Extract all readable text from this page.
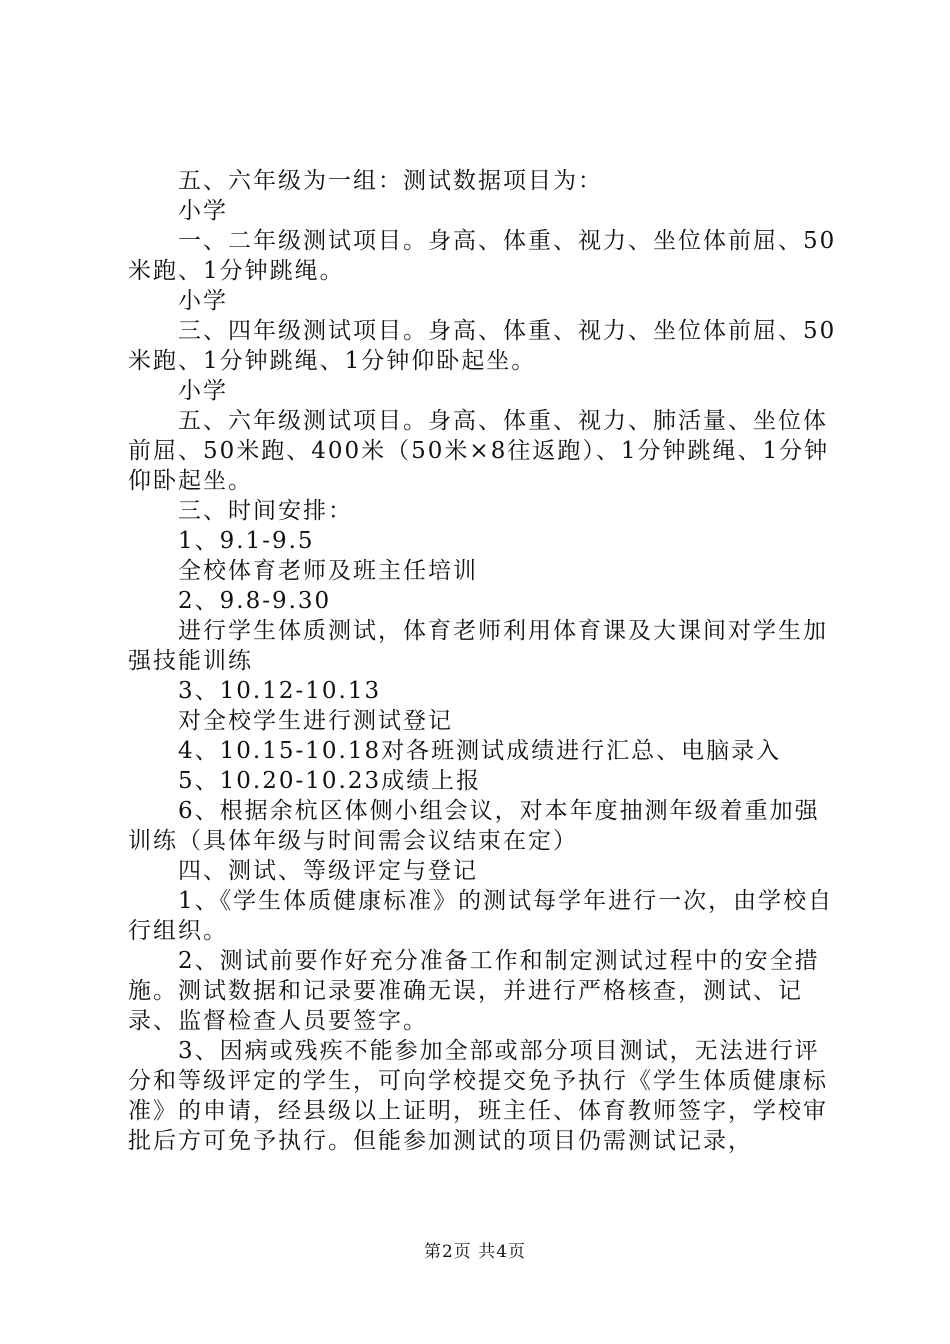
五、六年级为一组：测试数据项目为：

小学

一、二年级测试项目。身高、体重、视力、坐位体前屈、50米跑、1分钟跳绳。

小学

三、四年级测试项目。身高、体重、视力、坐位体前屈、50米跑、1分钟跳绳、1分钟仰卧起坐。

小学

五、六年级测试项目。身高、体重、视力、肺活量、坐位体前屈、50米跑、400米（50米×8往返跑）、1分钟跳绳、1分钟仰卧起坐。

三、时间安排：

1、9.1-9.5

全校体育老师及班主任培训

2、9.8-9.30

进行学生体质测试，体育老师利用体育课及大课间对学生加强技能训练

3、10.12-10.13

对全校学生进行测试登记

4、10.15-10.18对各班测试成绩进行汇总、电脑录入

5、10.20-10.23成绩上报

6、根据余杭区体侧小组会议，对本年度抽测年级着重加强训练（具体年级与时间需会议结束在定）

四、测试、等级评定与登记

1、《学生体质健康标准》的测试每学年进行一次，由学校自行组织。

2、测试前要作好充分准备工作和制定测试过程中的安全措施。测试数据和记录要准确无误，并进行严格核查，测试、记录、监督检查人员要签字。

3、因病或残疾不能参加全部或部分项目测试，无法进行评分和等级评定的学生，可向学校提交免予执行《学生体质健康标准》的申请，经县级以上证明，班主任、体育教师签字，学校审批后方可免予执行。但能参加测试的项目仍需测试记录，

第2页 共4页
